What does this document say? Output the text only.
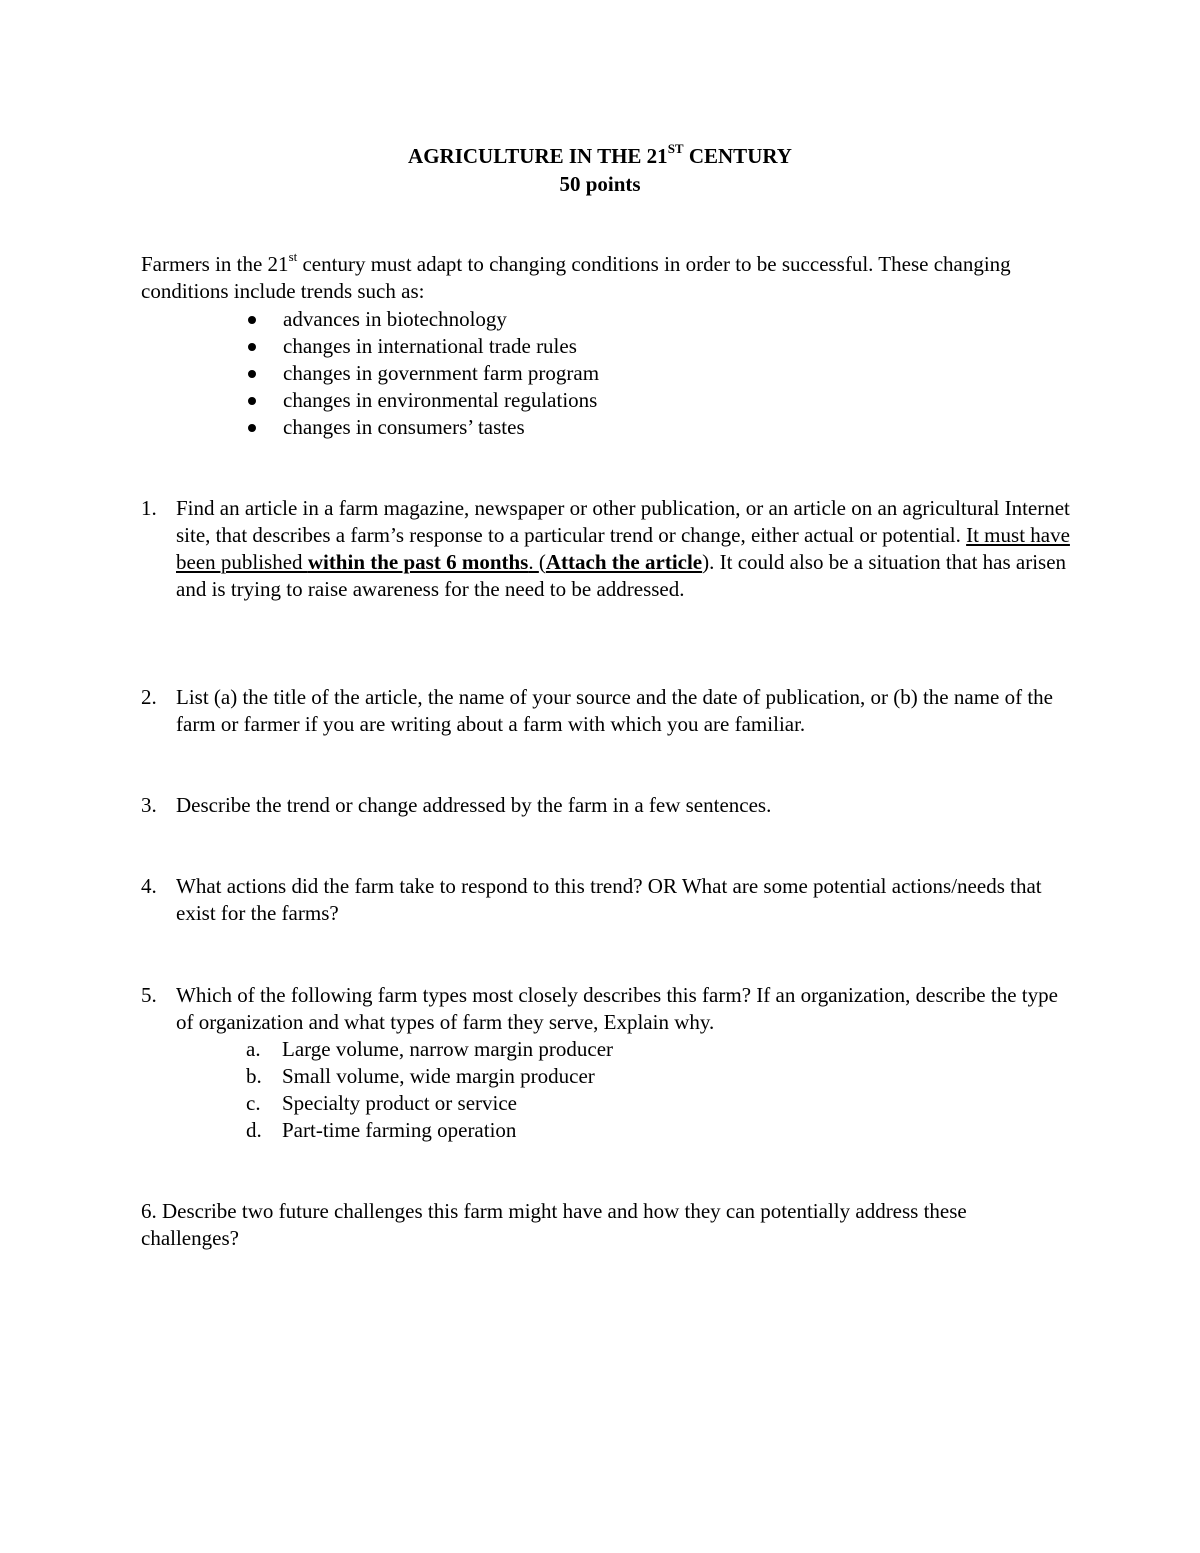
AGRICULTURE IN THE 21ST CENTURY
50 points
Farmers in the 21st century must adapt to changing conditions in order to be successful. These changing conditions include trends such as:
advances in biotechnology
changes in international trade rules
changes in government farm program
changes in environmental regulations
changes in consumers’ tastes
1. Find an article in a farm magazine, newspaper or other publication, or an article on an agricultural Internet site, that describes a farm’s response to a particular trend or change, either actual or potential. It must have been published within the past 6 months. (Attach the article). It could also be a situation that has arisen and is trying to raise awareness for the need to be addressed.
2. List (a) the title of the article, the name of your source and the date of publication, or (b) the name of the farm or farmer if you are writing about a farm with which you are familiar.
3. Describe the trend or change addressed by the farm in a few sentences.
4. What actions did the farm take to respond to this trend? OR What are some potential actions/needs that exist for the farms?
5. Which of the following farm types most closely describes this farm? If an organization, describe the type of organization and what types of farm they serve, Explain why.
a. Large volume, narrow margin producer
b. Small volume, wide margin producer
c. Specialty product or service
d. Part-time farming operation
6. Describe two future challenges this farm might have and how they can potentially address these challenges?
